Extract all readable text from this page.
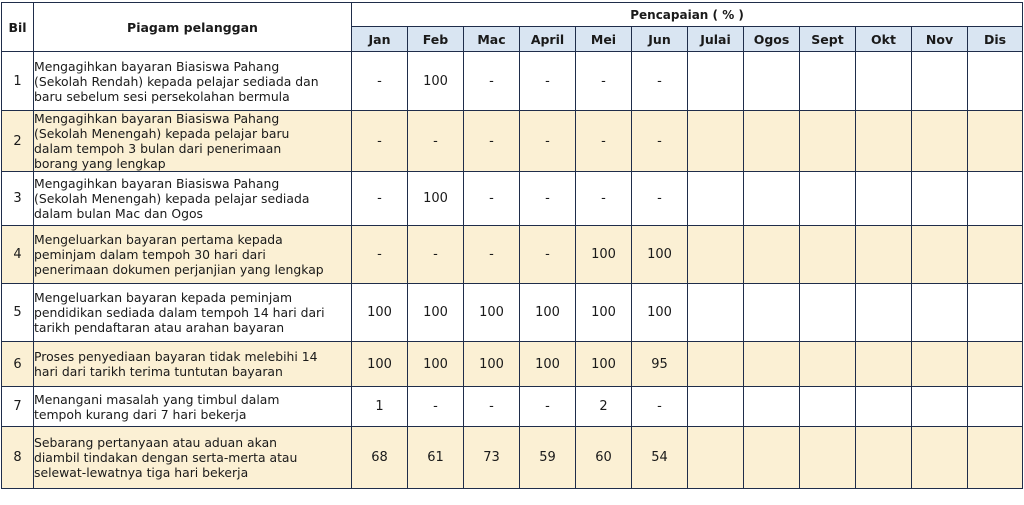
Bil	Piagam pelanggan	Pencapaian ( % )											
		Jan	Feb	Mac	April	Mei	Jun	Julai	Ogos	Sept	Okt	Nov	Dis
1	Mengagihkan bayaran Biasiswa Pahang
(Sekolah Rendah) kepada pelajar sediada dan
baru sebelum sesi persekolahan bermula	-	100	-	-	-	-						
2	Mengagihkan bayaran Biasiswa Pahang
(Sekolah Menengah) kepada pelajar baru
dalam tempoh 3 bulan dari penerimaan
borang yang lengkap	-	-	-	-	-	-						
3	Mengagihkan bayaran Biasiswa Pahang
(Sekolah Menengah) kepada pelajar sediada
dalam bulan Mac dan Ogos	-	100	-	-	-	-						
4	Mengeluarkan bayaran pertama kepada
peminjam dalam tempoh 30 hari dari
penerimaan dokumen perjanjian yang lengkap	-	-	-	-	100	100						
5	Mengeluarkan bayaran kepada peminjam
pendidikan sediada dalam tempoh 14 hari dari
tarikh pendaftaran atau arahan bayaran	100	100	100	100	100	100						
6	Proses penyediaan bayaran tidak melebihi 14
hari dari tarikh terima tuntutan bayaran	100	100	100	100	100	95						
7	Menangani masalah yang timbul dalam
tempoh kurang dari 7 hari bekerja	1	-	-	-	2	-						
8	Sebarang pertanyaan atau aduan akan
diambil tindakan dengan serta-merta atau
selewat-lewatnya tiga hari bekerja	68	61	73	59	60	54						
